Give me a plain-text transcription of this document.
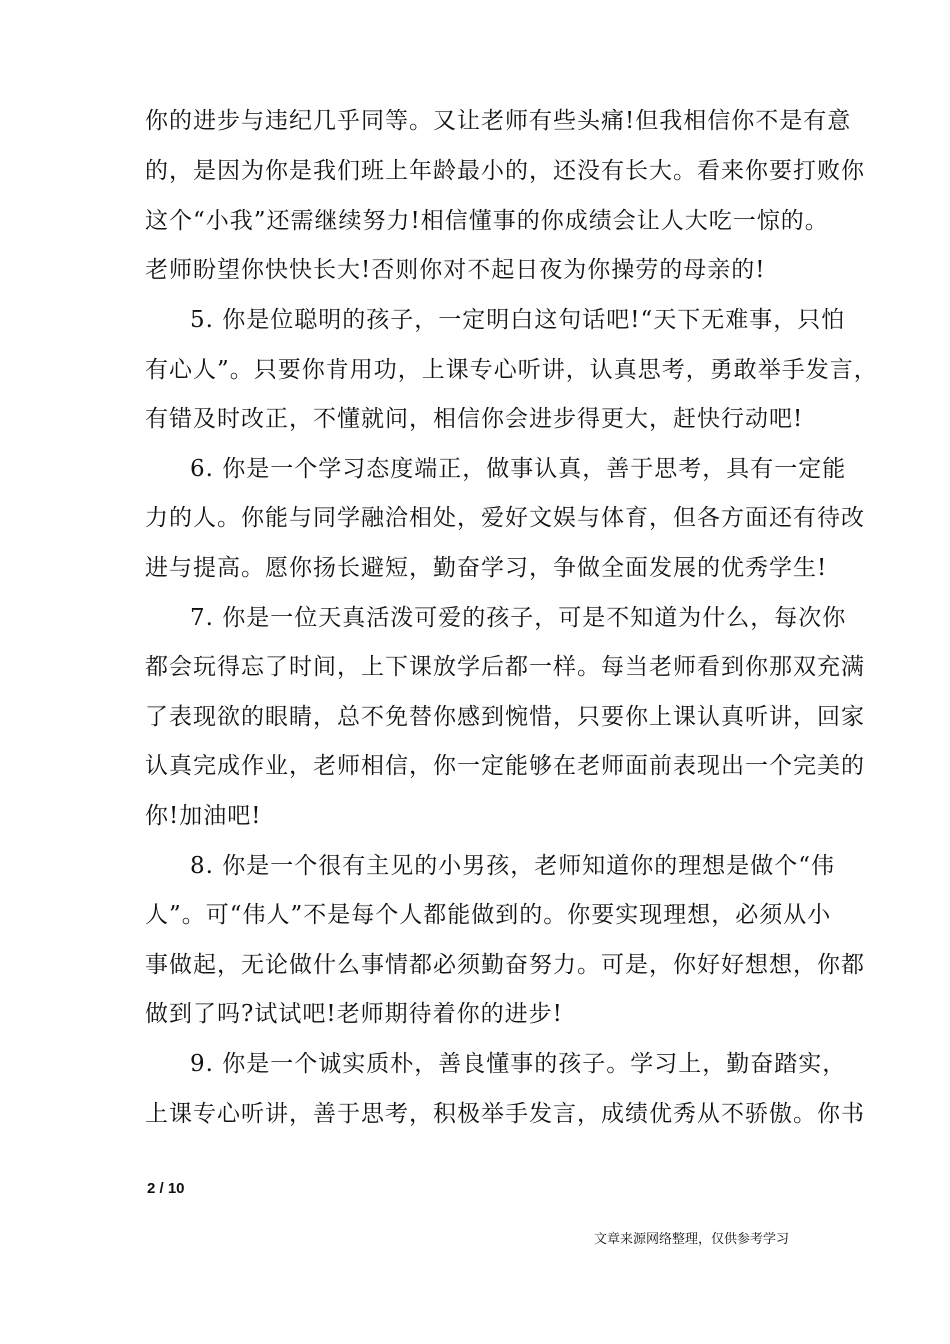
你的进步与违纪几乎同等。又让老师有些头痛!但我相信你不是有意
的，是因为你是我们班上年龄最小的，还没有长大。看来你要打败你
这个“小我”还需继续努力!相信懂事的你成绩会让人大吃一惊的。
老师盼望你快快长大!否则你对不起日夜为你操劳的母亲的!
5. 你是位聪明的孩子，一定明白这句话吧!“天下无难事，只怕
有心人”。只要你肯用功，上课专心听讲，认真思考，勇敢举手发言，
有错及时改正，不懂就问，相信你会进步得更大，赶快行动吧!
6. 你是一个学习态度端正，做事认真，善于思考，具有一定能
力的人。你能与同学融洽相处，爱好文娱与体育，但各方面还有待改
进与提高。愿你扬长避短，勤奋学习，争做全面发展的优秀学生!
7. 你是一位天真活泼可爱的孩子，可是不知道为什么，每次你
都会玩得忘了时间，上下课放学后都一样。每当老师看到你那双充满
了表现欲的眼睛，总不免替你感到惋惜，只要你上课认真听讲，回家
认真完成作业，老师相信，你一定能够在老师面前表现出一个完美的
你!加油吧!
8. 你是一个很有主见的小男孩，老师知道你的理想是做个“伟
人”。可“伟人”不是每个人都能做到的。你要实现理想，必须从小
事做起，无论做什么事情都必须勤奋努力。可是，你好好想想，你都
做到了吗?试试吧!老师期待着你的进步!
9. 你是一个诚实质朴，善良懂事的孩子。学习上，勤奋踏实，
上课专心听讲，善于思考，积极举手发言，成绩优秀从不骄傲。你书
2 / 10
文章来源网络整理，仅供参考学习
